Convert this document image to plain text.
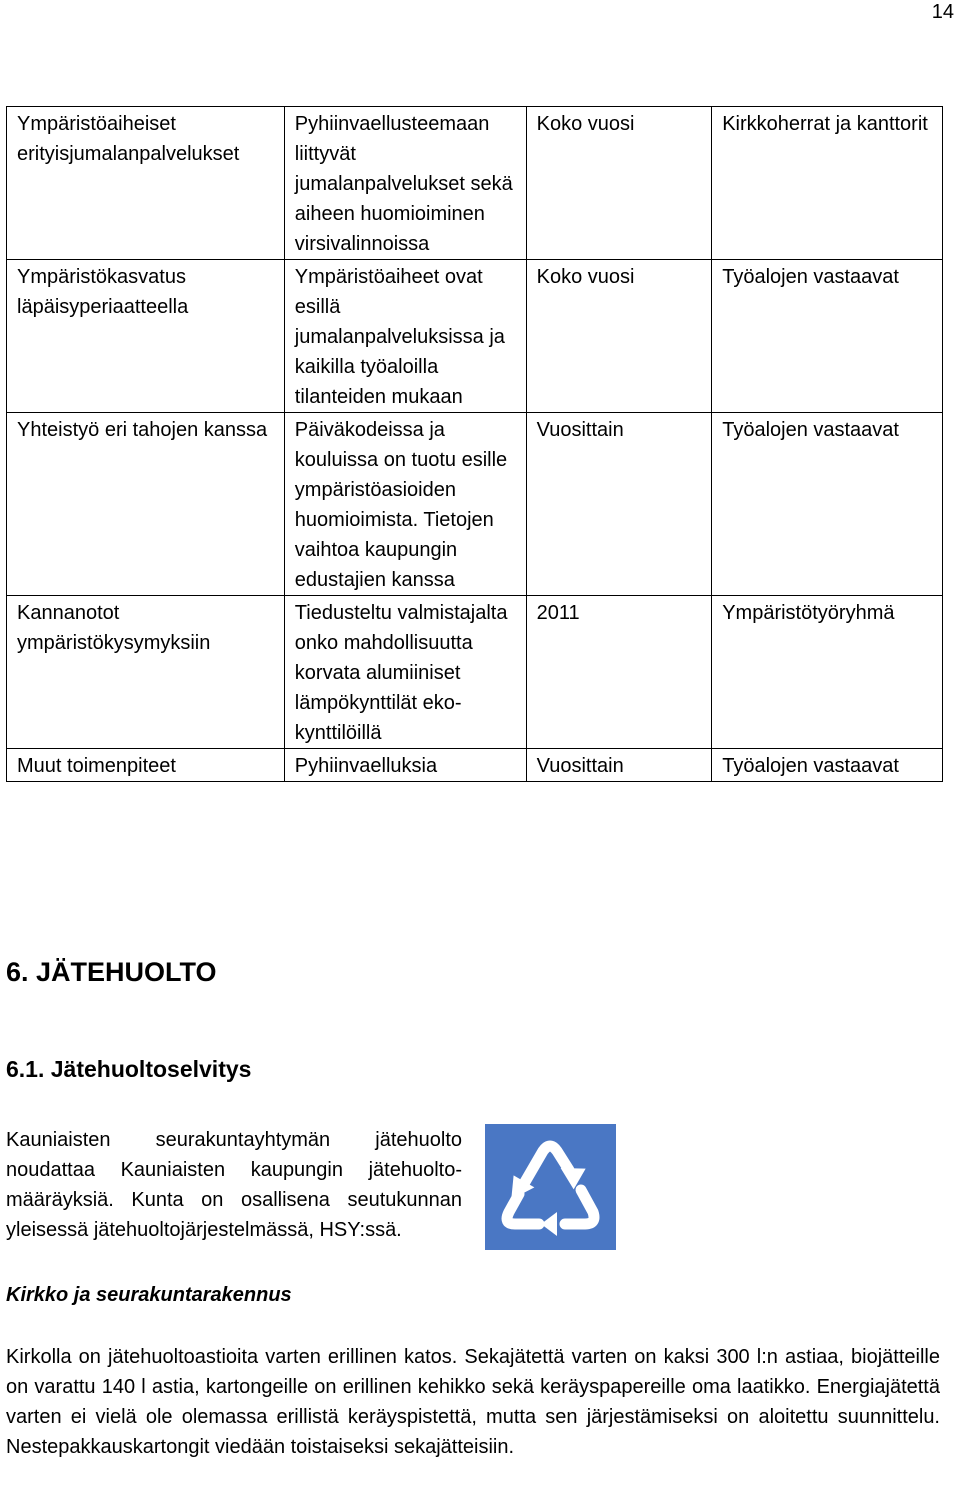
14
Ympäristöaiheiset erityisjumalanpalvelukset	Pyhiinvaellusteemaan liittyvät jumalanpalvelukset sekä aiheen huomioiminen virsivalinnoissa	Koko vuosi	Kirkkoherrat ja kanttorit
Ympäristökasvatus läpäisyperiaatteella	Ympäristöaiheet ovat esillä jumalanpalveluksissa ja kaikilla työaloilla tilanteiden mukaan	Koko vuosi	Työalojen vastaavat
Yhteistyö eri tahojen kanssa	Päiväkodeissa ja kouluissa on tuotu esille ympäristöasioiden huomioimista. Tietojen vaihtoa kaupungin edustajien kanssa	Vuosittain	Työalojen vastaavat
Kannanotot ympäristökysymyksiin	Tiedusteltu valmistajalta onko mahdollisuutta korvata alumiiniset lämpökynttilät eko-kynttilöillä	2011	Ympäristötyöryhmä
Muut toimenpiteet	Pyhiinvaelluksia	Vuosittain	Työalojen vastaavat
6. JÄTEHUOLTO
6.1. Jätehuoltoselvitys

Kauniaisten seurakuntayhtymän jätehuolto noudattaa Kauniaisten kaupungin jätehuolto-määräyksiä. Kunta on osallisena seutukunnan yleisessä jätehuoltojärjestelmässä, HSY:ssä.

Kirkko ja seurakuntarakennus

Kirkolla on jätehuoltoastioita varten erillinen katos. Sekajätettä varten on kaksi 300 l:n astiaa, biojätteille on varattu 140 l astia, kartongeille on erillinen kehikko sekä keräyspapereille oma laatikko. Energiajätettä varten ei vielä ole olemassa erillistä keräyspistettä, mutta sen järjestämiseksi on aloitettu suunnittelu. Nestepakkauskartongit viedään toistaiseksi sekajätteisiin.
